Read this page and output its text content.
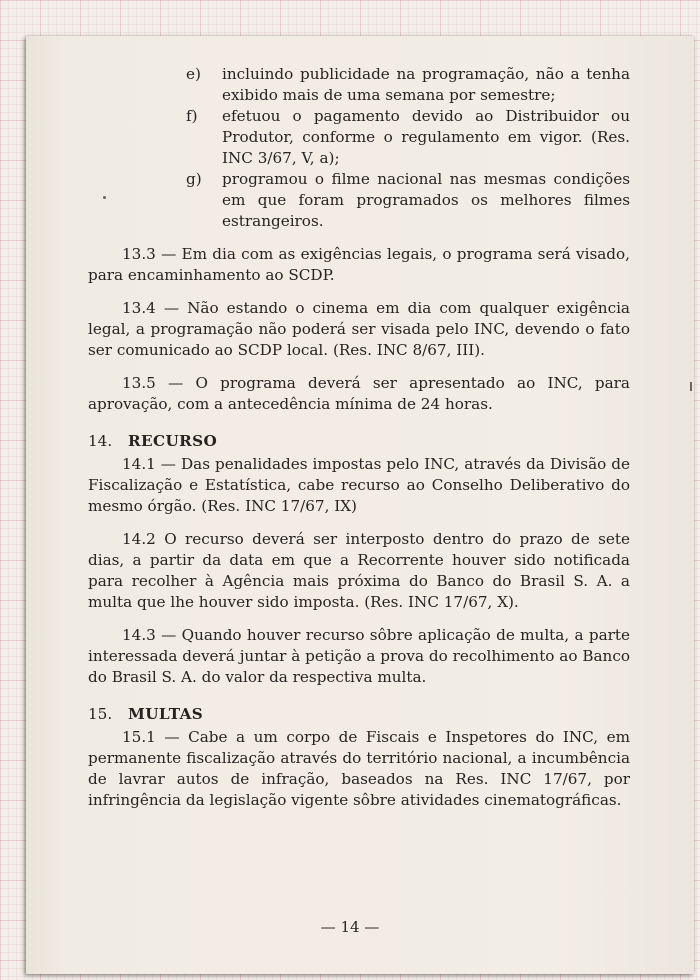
e) incluindo publicidade na programação, não a tenha exibido mais de uma semana por semestre;

f) efetuou o pagamento devido ao Distribuidor ou Produtor, conforme o regulamento em vigor. (Res. INC 3/67, V, a);

g) programou o filme nacional nas mesmas condições em que foram programados os melhores filmes estrangeiros.

13.3 — Em dia com as exigências legais, o programa será visado, para encaminhamento ao SCDP.

13.4 — Não estando o cinema em dia com qualquer exigência legal, a programação não poderá ser visada pelo INC, devendo o fato ser comunicado ao SCDP local. (Res. INC 8/67, III).

13.5 — O programa deverá ser apresentado ao INC, para aprovação, com a antecedência mínima de 24 horas.

14. RECURSO

14.1 — Das penalidades impostas pelo INC, através da Divisão de Fiscalização e Estatística, cabe recurso ao Conselho Deliberativo do mesmo órgão. (Res. INC 17/67, IX)

14.2 O recurso deverá ser interposto dentro do prazo de sete dias, a partir da data em que a Recorrente houver sido notificada para recolher à Agência mais próxima do Banco do Brasil S. A. a multa que lhe houver sido imposta. (Res. INC 17/67, X).

14.3 — Quando houver recurso sôbre aplicação de multa, a parte interessada deverá juntar à petição a prova do recolhimento ao Banco do Brasil S. A. do valor da respectiva multa.

15. MULTAS

15.1 — Cabe a um corpo de Fiscais e Inspetores do INC, em permanente fiscalização através do território nacional, a incumbência de lavrar autos de infração, baseados na Res. INC 17/67, por infringência da legislação vigente sôbre atividades cinematográficas.

— 14 —
